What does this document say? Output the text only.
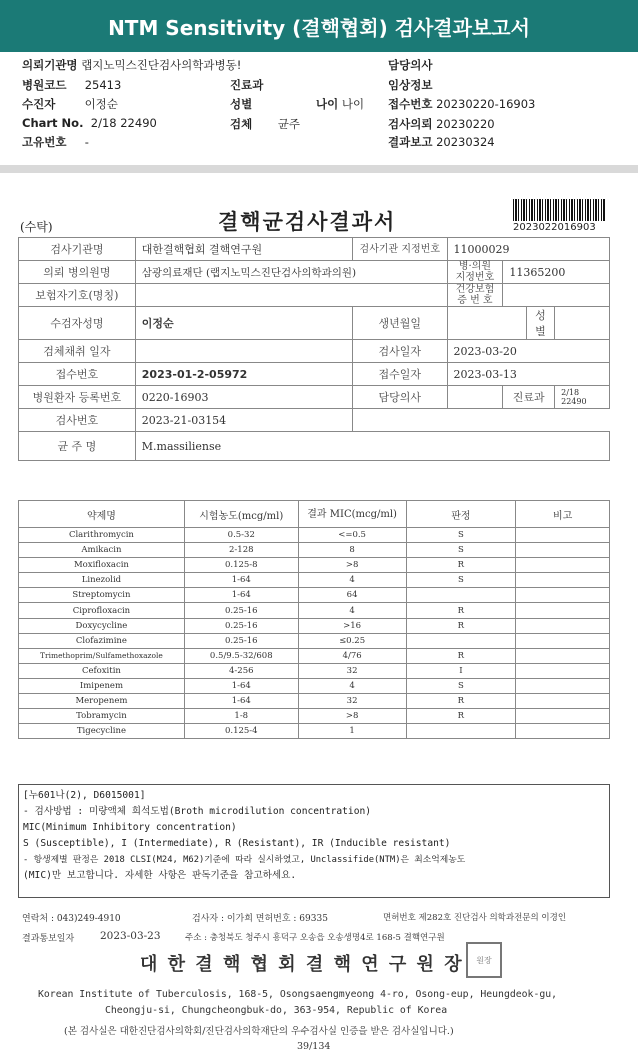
NTM Sensitivity (결핵협회) 검사결과보고서
의뢰기관명 랩지노믹스진단검사의학과병동!
병원코드 25413
수진자	이정순
Chart No. 2/18 22490
고유번호 -
진료과
성별	나이 나이
검체 균주
담당의사
임상정보
접수번호 20230220-16903
검사의뢰 20230220
결과보고 20230324
(수탁)	결핵균검사결과서	2023022016903
검사기관명	대한결핵협회 결핵연구원	검사기관 지정번호	11000029			
의뢰 병의원명	삼광의료재단 (랩지노믹스진단검사의학과의원)		병·의원 지정번호	11365200		
보험자기호(명칭)			건강보험 증 번 호			
수검자성명	이정순	생년월일			성별	
검체채취 일자		검사일자	2023-03-20			
접수번호	2023-01-2-05972	접수일자	2023-03-13			
병원환자 등록번호	0220-16903	담당의사		진료과		2/18 22490
검사번호	2023-21-03154					
균 주 명	M.massiliense					
약제명	시험농도(mcg/ml)	결과 MIC(mcg/ml)	판정	비고
Clarithromycin	0.5-32	<=0.5	S	
Amikacin	2-128	8	S	
Moxifloxacin	0.125-8	>8	R	
Linezolid	1-64	4	S	
Streptomycin	1-64	64		
Ciprofloxacin	0.25-16	4	R	
Doxycycline	0.25-16	>16	R	
Clofazimine	0.25-16	≤0.25		
Trimethoprim/Sulfamethoxazole	0.5/9.5-32/608	4/76	R	
Cefoxitin	4-256	32	I	
Imipenem	1-64	4	S	
Meropenem	1-64	32	R	
Tobramycin	1-8	>8	R	
Tigecycline	0.125-4	1		
[누601나(2), D6015001]
- 검사방법 : 미량액체 희석도법(Broth microdilution concentration)
MIC(Minimum Inhibitory concentration)
S (Susceptible), I (Intermediate), R (Resistant), IR (Inducible resistant)
- 항생제별 판정은 2018 CLSI(M24, M62)기준에 따라 실시하였고, Unclassifide(NTM)은 최소억제농도
(MIC)만 보고합니다. 자세한 사항은 판독기준을 참고하세요.
연락처 : 043)249-4910	검사자 : 이가희 면허번호 : 69335	면허번호 제282호 진단검사 의학과전문의 이경인
결과통보일자 2023-03-23	주소 : 충청북도 청주시 흥덕구 오송읍 오송생명4로 168-5 결핵연구원
대 한 결 핵 협 회 결 핵 연 구 원 장 원장
Korean Institute of Tuberculosis, 168-5, Osongsaengmyeong 4-ro, Osong-eup, Heungdeok-gu,
Cheongju-si, Chungcheongbuk-do, 363-954, Republic of Korea
(본 검사실은 대한진단검사의학회/진단검사의학재단의 우수검사실 인증을 받은 검사실입니다.)
39/134
